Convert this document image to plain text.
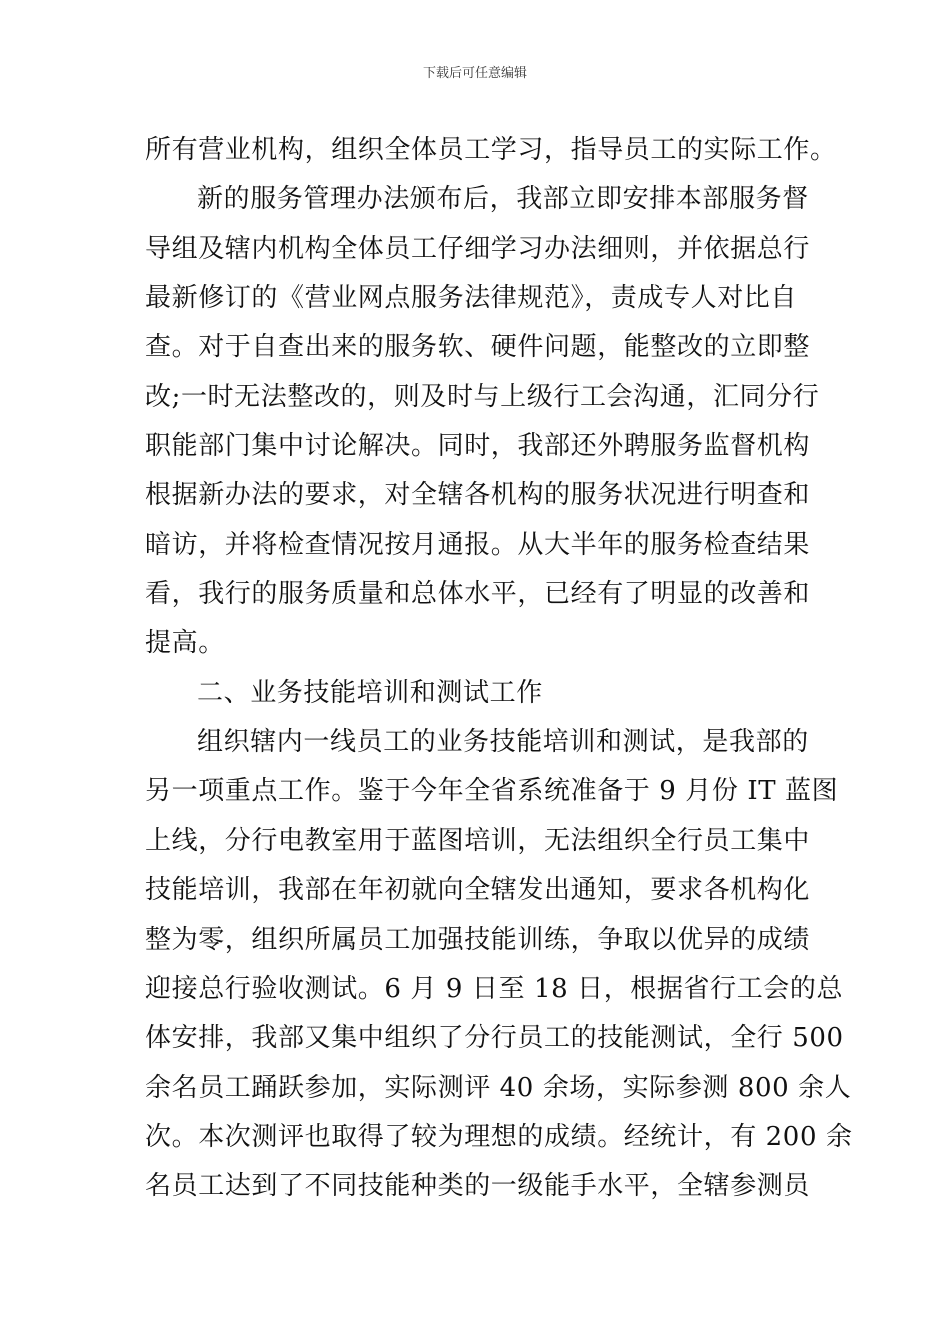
下载后可任意编辑
所有营业机构，组织全体员工学习，指导员工的实际工作。
新的服务管理办法颁布后，我部立即安排本部服务督
导组及辖内机构全体员工仔细学习办法细则，并依据总行
最新修订的《营业网点服务法律规范》，责成专人对比自
查。对于自查出来的服务软、硬件问题，能整改的立即整
改;一时无法整改的，则及时与上级行工会沟通，汇同分行
职能部门集中讨论解决。同时，我部还外聘服务监督机构
根据新办法的要求，对全辖各机构的服务状况进行明查和
暗访，并将检查情况按月通报。从大半年的服务检查结果
看，我行的服务质量和总体水平，已经有了明显的改善和
提高。
二、业务技能培训和测试工作
组织辖内一线员工的业务技能培训和测试，是我部的
另一项重点工作。鉴于今年全省系统准备于 9 月份 IT 蓝图
上线，分行电教室用于蓝图培训，无法组织全行员工集中
技能培训，我部在年初就向全辖发出通知，要求各机构化
整为零，组织所属员工加强技能训练，争取以优异的成绩
迎接总行验收测试。6 月 9 日至 18 日，根据省行工会的总
体安排，我部又集中组织了分行员工的技能测试，全行 500
余名员工踊跃参加，实际测评 40 余场，实际参测 800 余人
次。本次测评也取得了较为理想的成绩。经统计，有 200 余
名员工达到了不同技能种类的一级能手水平，全辖参测员
